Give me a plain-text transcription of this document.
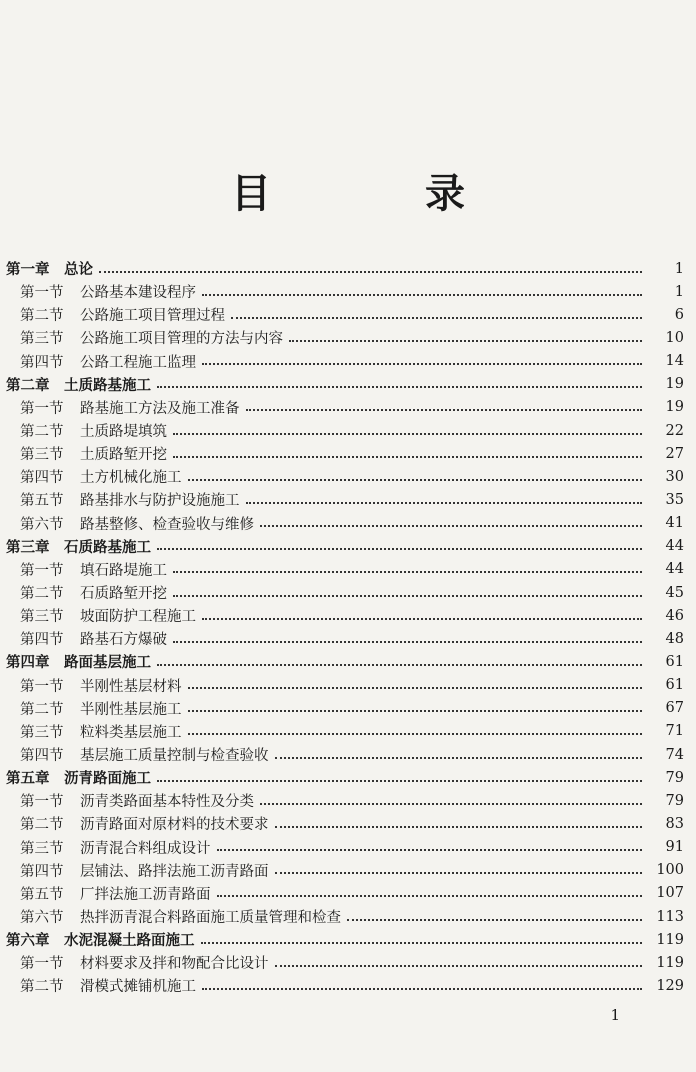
目 录
第一章	总论	1
第一节	公路基本建设程序	1
第二节	公路施工项目管理过程	6
第三节	公路施工项目管理的方法与内容	10
第四节	公路工程施工监理	14
第二章	土质路基施工	19
第一节	路基施工方法及施工准备	19
第二节	土质路堤填筑	22
第三节	土质路堑开挖	27
第四节	土方机械化施工	30
第五节	路基排水与防护设施施工	35
第六节	路基整修、检查验收与维修	41
第三章	石质路基施工	44
第一节	填石路堤施工	44
第二节	石质路堑开挖	45
第三节	坡面防护工程施工	46
第四节	路基石方爆破	48
第四章	路面基层施工	61
第一节	半刚性基层材料	61
第二节	半刚性基层施工	67
第三节	粒料类基层施工	71
第四节	基层施工质量控制与检查验收	74
第五章	沥青路面施工	79
第一节	沥青类路面基本特性及分类	79
第二节	沥青路面对原材料的技术要求	83
第三节	沥青混合料组成设计	91
第四节	层铺法、路拌法施工沥青路面	100
第五节	厂拌法施工沥青路面	107
第六节	热拌沥青混合料路面施工质量管理和检查	113
第六章	水泥混凝土路面施工	119
第一节	材料要求及拌和物配合比设计	119
第二节	滑模式摊铺机施工	129
1
